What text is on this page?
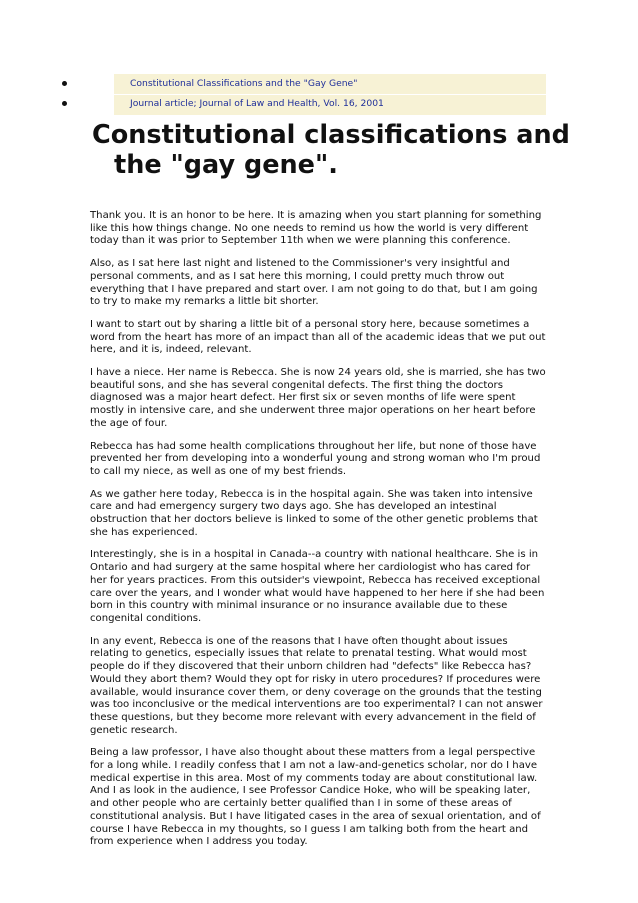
Constitutional Classifications and the "Gay Gene"
Journal article; Journal of Law and Health, Vol. 16, 2001
Constitutional classifications and the "gay gene".

Thank you. It is an honor to be here. It is amazing when you start planning for something like this how things change. No one needs to remind us how the world is very different today than it was prior to September 11th when we were planning this conference.

Also, as I sat here last night and listened to the Commissioner's very insightful and personal comments, and as I sat here this morning, I could pretty much throw out everything that I have prepared and start over. I am not going to do that, but I am going to try to make my remarks a little bit shorter.

I want to start out by sharing a little bit of a personal story here, because sometimes a word from the heart has more of an impact than all of the academic ideas that we put out here, and it is, indeed, relevant.

I have a niece. Her name is Rebecca. She is now 24 years old, she is married, she has two beautiful sons, and she has several congenital defects. The first thing the doctors diagnosed was a major heart defect. Her first six or seven months of life were spent mostly in intensive care, and she underwent three major operations on her heart before the age of four.

Rebecca has had some health complications throughout her life, but none of those have prevented her from developing into a wonderful young and strong woman who I'm proud to call my niece, as well as one of my best friends.

As we gather here today, Rebecca is in the hospital again. She was taken into intensive care and had emergency surgery two days ago. She has developed an intestinal obstruction that her doctors believe is linked to some of the other genetic problems that she has experienced.

Interestingly, she is in a hospital in Canada--a country with national healthcare. She is in Ontario and had surgery at the same hospital where her cardiologist who has cared for her for years practices. From this outsider's viewpoint, Rebecca has received exceptional care over the years, and I wonder what would have happened to her here if she had been born in this country with minimal insurance or no insurance available due to these congenital conditions.

In any event, Rebecca is one of the reasons that I have often thought about issues relating to genetics, especially issues that relate to prenatal testing. What would most people do if they discovered that their unborn children had "defects" like Rebecca has? Would they abort them? Would they opt for risky in utero procedures? If procedures were available, would insurance cover them, or deny coverage on the grounds that the testing was too inconclusive or the medical interventions are too experimental? I can not answer these questions, but they become more relevant with every advancement in the field of genetic research.

Being a law professor, I have also thought about these matters from a legal perspective for a long while. I readily confess that I am not a law-and-genetics scholar, nor do I have medical expertise in this area. Most of my comments today are about constitutional law. And I as look in the audience, I see Professor Candice Hoke, who will be speaking later, and other people who are certainly better qualified than I in some of these areas of constitutional analysis. But I have litigated cases in the area of sexual orientation, and of course I have Rebecca in my thoughts, so I guess I am talking both from the heart and from experience when I address you today.
